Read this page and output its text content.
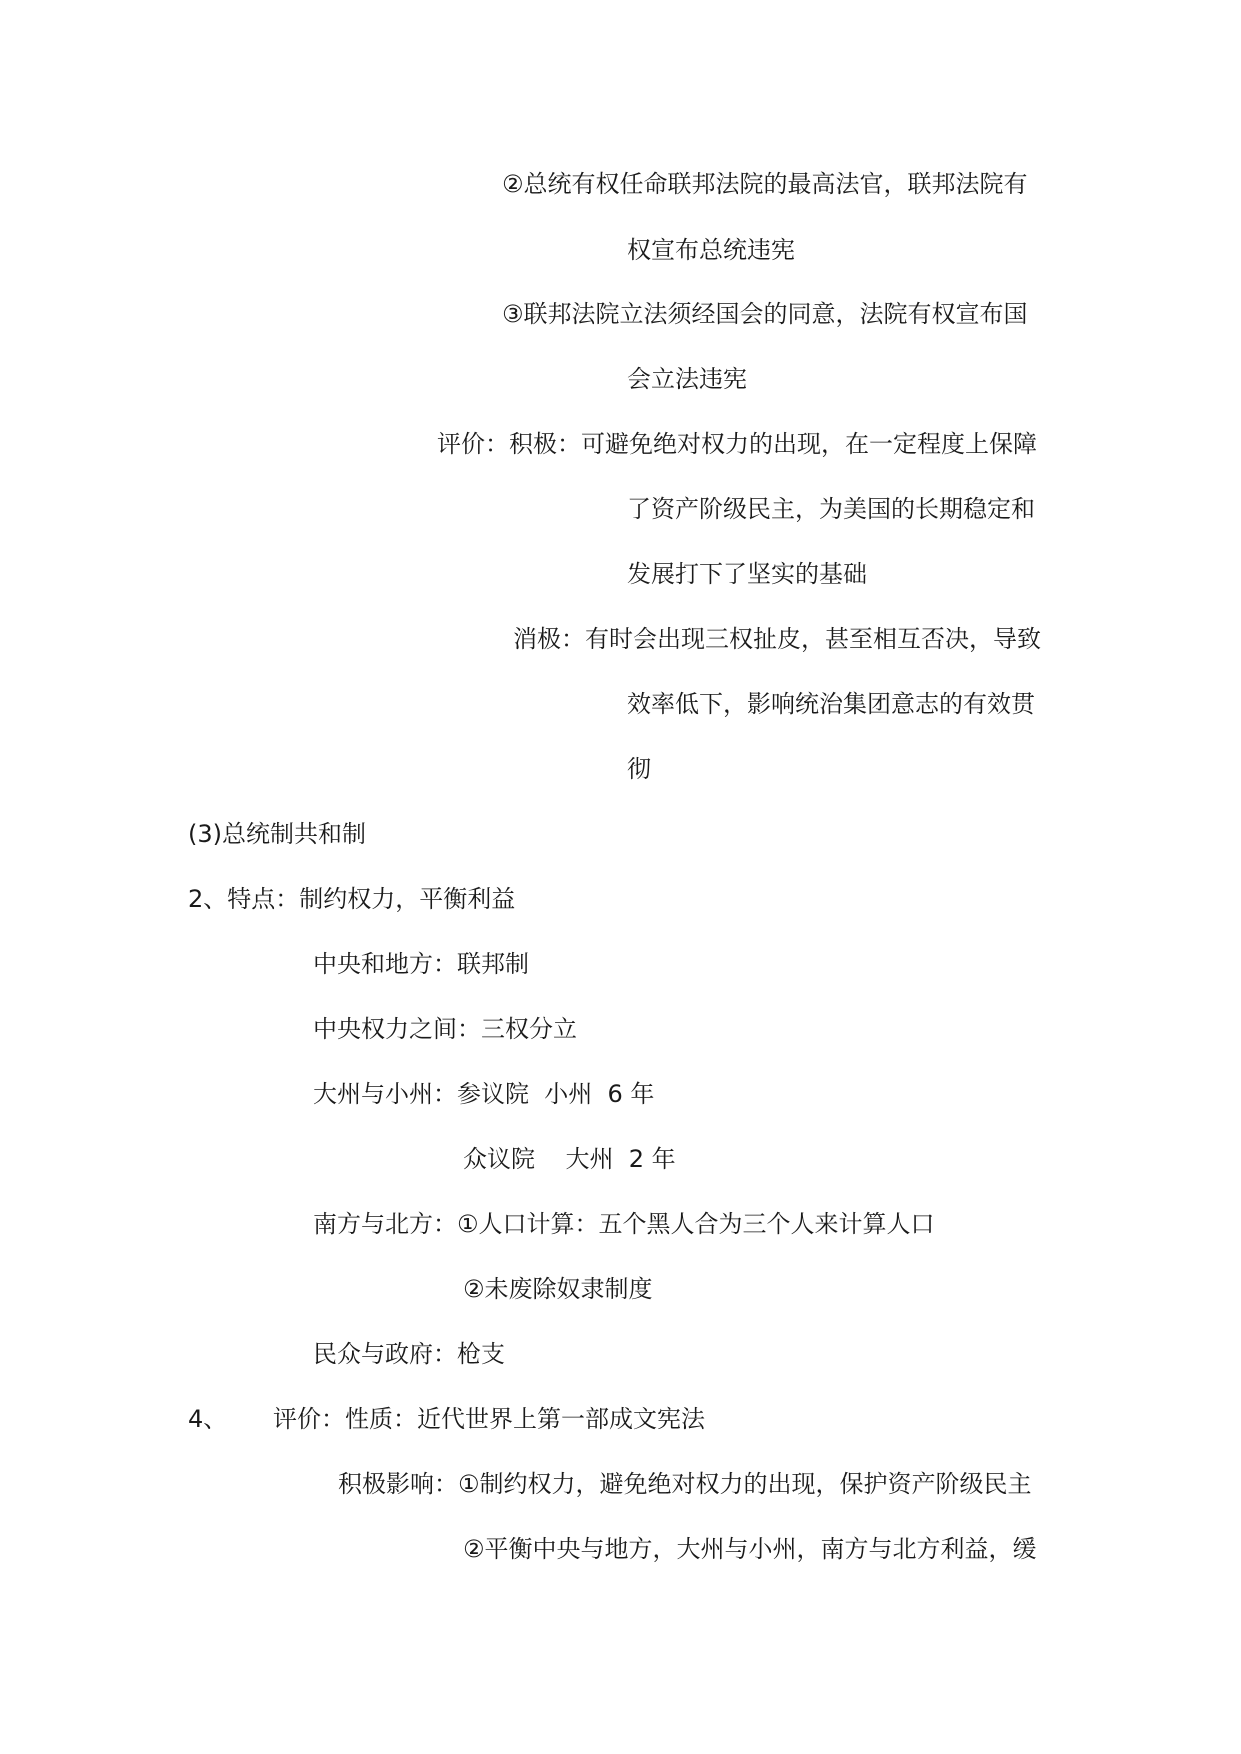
②总统有权任命联邦法院的最高法官，联邦法院有
权宣布总统违宪
③联邦法院立法须经国会的同意，法院有权宣布国
会立法违宪
评价：积极：可避免绝对权力的出现，在一定程度上保障
了资产阶级民主，为美国的长期稳定和
发展打下了坚实的基础
消极：有时会出现三权扯皮，甚至相互否决，导致
效率低下，影响统治集团意志的有效贯
彻
(3)总统制共和制
2、特点：制约权力，平衡利益
中央和地方：联邦制
中央权力之间：三权分立
大州与小州：参议院  小州  6 年
众议院    大州  2 年
南方与北方：①人口计算：五个黑人合为三个人来计算人口
②未废除奴隶制度
民众与政府：枪支
4、      评价：性质：近代世界上第一部成文宪法
积极影响：①制约权力，避免绝对权力的出现，保护资产阶级民主
②平衡中央与地方，大州与小州，南方与北方利益，缓
